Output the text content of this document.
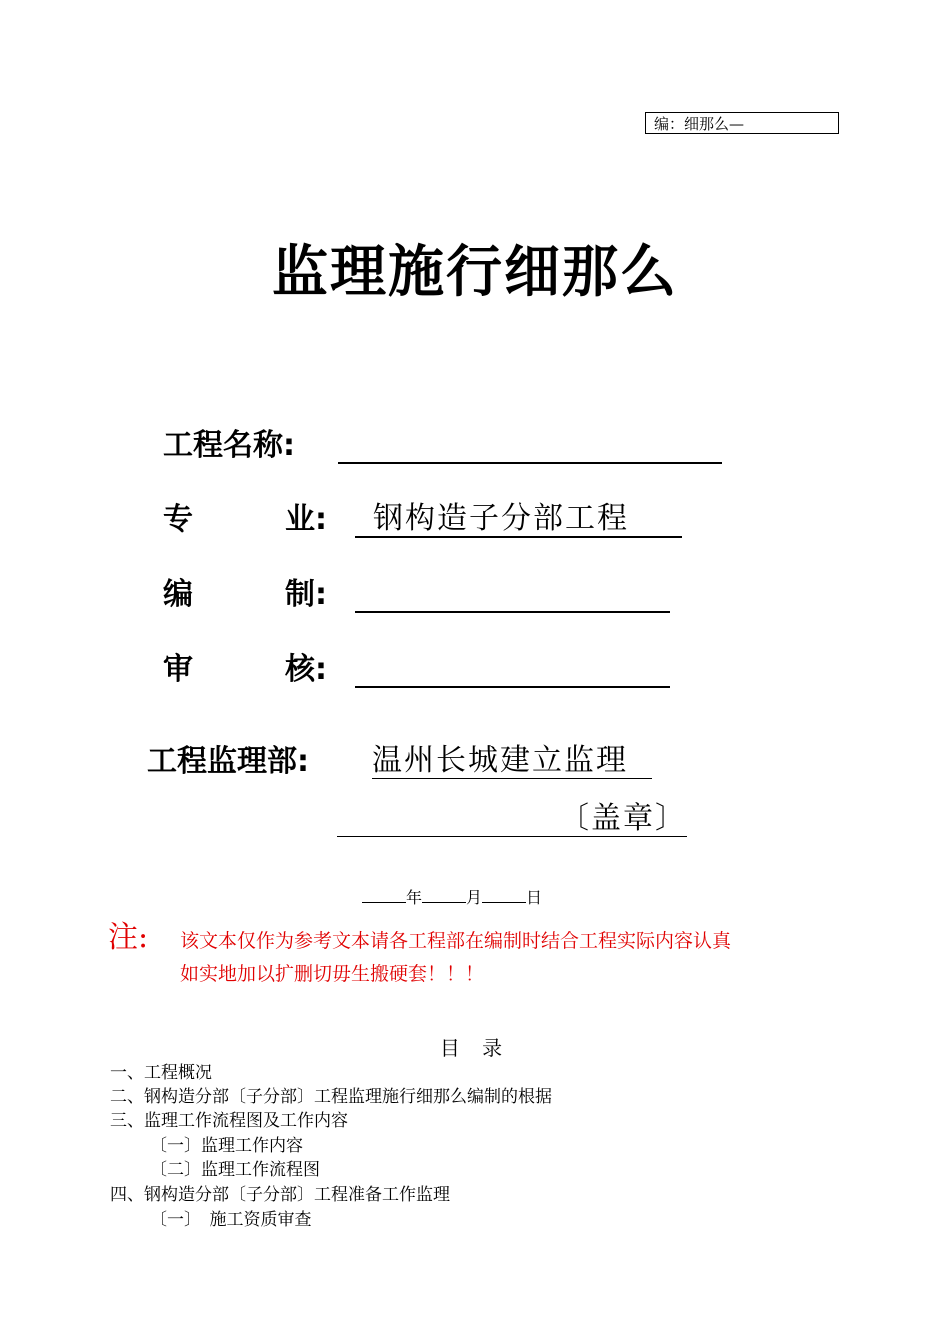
编：细那么—
监理施行细那么
工程名称:
专	业: 钢构造子分部工程
编	制:
审	核:
工程监理部: 温州长城建立监理
〔盖章〕
年	月	日
注: 该文本仅作为参考文本请各工程部在编制时结合工程实际内容认真
如实地加以扩删切毋生搬硬套！！！
目 录
一、工程概况
二、钢构造分部〔子分部〕工程监理施行细那么编制的根据
三、监理工作流程图及工作内容
〔一〕监理工作内容
〔二〕监理工作流程图
四、钢构造分部〔子分部〕工程准备工作监理
〔一〕　施工资质审查
